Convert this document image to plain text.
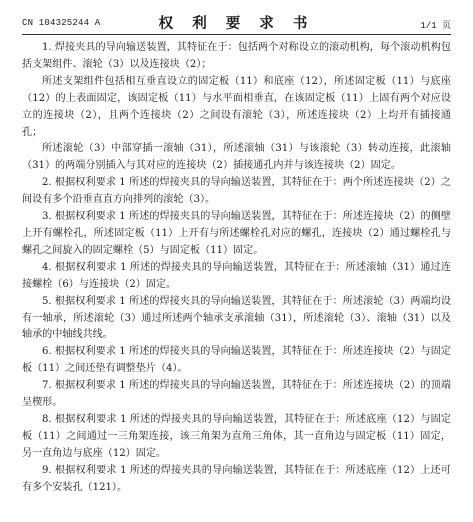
CN 104325244 A	权 利 要 求 书	1/1 页

1. 焊接夹具的导向输送装置，其特征在于：包括两个对称设立的滚动机构，每个滚动机构包括支架组件、滚轮（3）以及连接块（2）；

所述支架组件包括相互垂直设立的固定板（11）和底座（12），所述固定板（11）与底座（12）的上表面固定，该固定板（11）与水平面相垂直，在该固定板（11）上固有两个对应设立的连接块（2），且两个连接块（2）之间设有滚轮（3），所述连接块（2）上均开有插接通孔；

所述滚轮（3）中部穿插一滚轴（31），所述滚轴（31）与该滚轮（3）转动连接，此滚轴（31）的两端分别插入与其对应的连接块（2）插接通孔内并与该连接块（2）固定。

2. 根据权利要求 1 所述的焊接夹具的导向输送装置，其特征在于：两个所述连接块（2）之间设有多个沿垂直直方向排列的滚轮（3）。

3. 根据权利要求 1 所述的焊接夹具的导向输送装置，其特征在于：所述连接块（2）的侧壁上开有螺栓孔，所述固定板（11）上开有与所述螺栓孔对应的螺孔，连接块（2）通过螺栓孔与螺孔之间旋入的固定螺栓（5）与固定板（11）固定。

4. 根据权利要求 1 所述的焊接夹具的导向输送装置，其特征在于：所述滚轴（31）通过连接螺栓（6）与连接块（2）固定。

5. 根据权利要求 1 所述的焊接夹具的导向输送装置，其特征在于：所述滚轮（3）两端均设有一轴承，所述滚轮（3）通过所述两个轴承支承滚轴（31），所述滚轮（3）、滚轴（31）以及轴承的中轴线共线。

6. 根据权利要求 1 所述的焊接夹具的导向输送装置，其特征在于：所述连接块（2）与固定板（11）之间还垫有调整垫片（4）。

7. 根据权利要求 1 所述的焊接夹具的导向输送装置，其特征在于：所述连接块（2）的顶端呈楔形。

8. 根据权利要求 1 所述的焊接夹具的导向输送装置，其特征在于：所述底座（12）与固定板（11）之间通过一三角架连接，该三角架为直角三角体，其一直角边与固定板（11）固定，另一直角边与底座（12）固定。

9. 根据权利要求 1 所述的焊接夹具的导向输送装置，其特征在于：所述底座（12）上还可有多个安装孔（121）。
